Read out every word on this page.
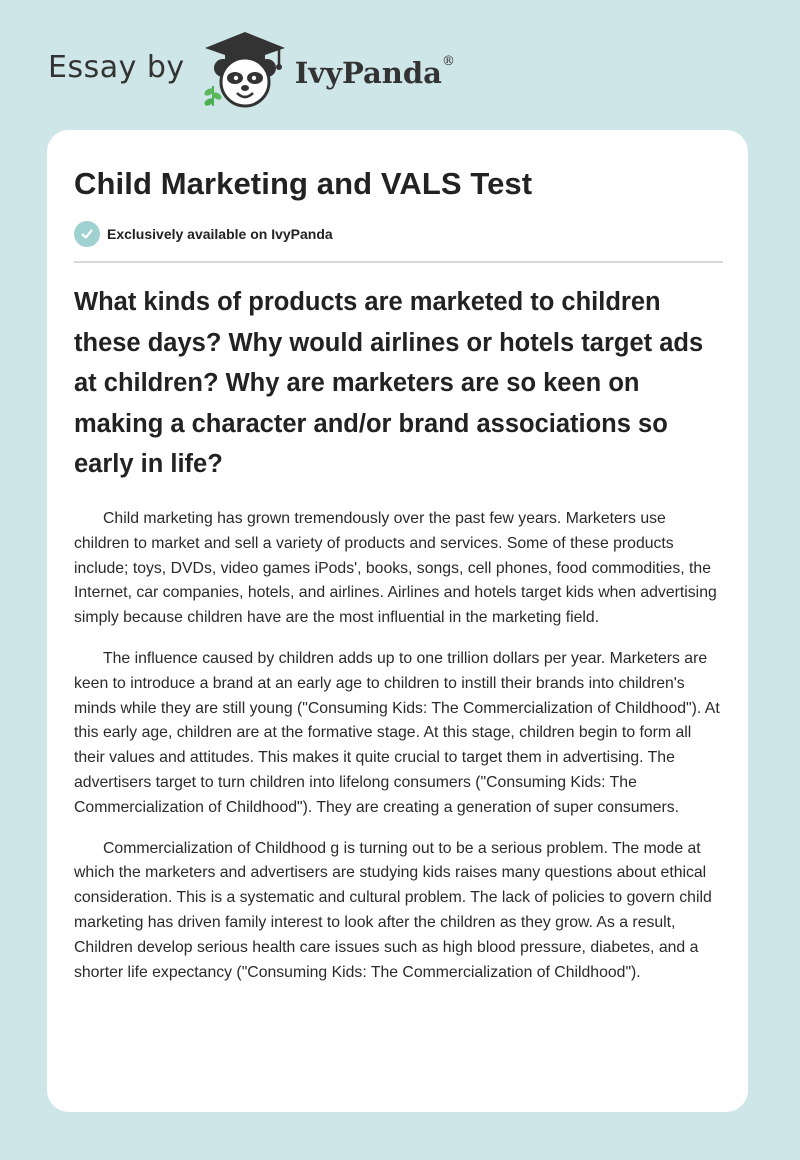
Essay by	IvyPanda®
Child Marketing and VALS Test
Exclusively available on IvyPanda
What kinds of products are marketed to children these days? Why would airlines or hotels target ads at children? Why are marketers are so keen on making a character and/or brand associations so early in life?

Child marketing has grown tremendously over the past few years. Marketers use children to market and sell a variety of products and services. Some of these products include; toys, DVDs, video games iPods', books, songs, cell phones, food commodities, the Internet, car companies, hotels, and airlines. Airlines and hotels target kids when advertising simply because children have are the most influential in the marketing field.

The influence caused by children adds up to one trillion dollars per year. Marketers are keen to introduce a brand at an early age to children to instill their brands into children's minds while they are still young ("Consuming Kids: The Commercialization of Childhood"). At this early age, children are at the formative stage. At this stage, children begin to form all their values and attitudes. This makes it quite crucial to target them in advertising. The advertisers target to turn children into lifelong consumers ("Consuming Kids: The Commercialization of Childhood"). They are creating a generation of super consumers.

Commercialization of Childhood g is turning out to be a serious problem. The mode at which the marketers and advertisers are studying kids raises many questions about ethical consideration. This is a systematic and cultural problem. The lack of policies to govern child marketing has driven family interest to look after the children as they grow. As a result, Children develop serious health care issues such as high blood pressure, diabetes, and a shorter life expectancy ("Consuming Kids: The Commercialization of Childhood").
